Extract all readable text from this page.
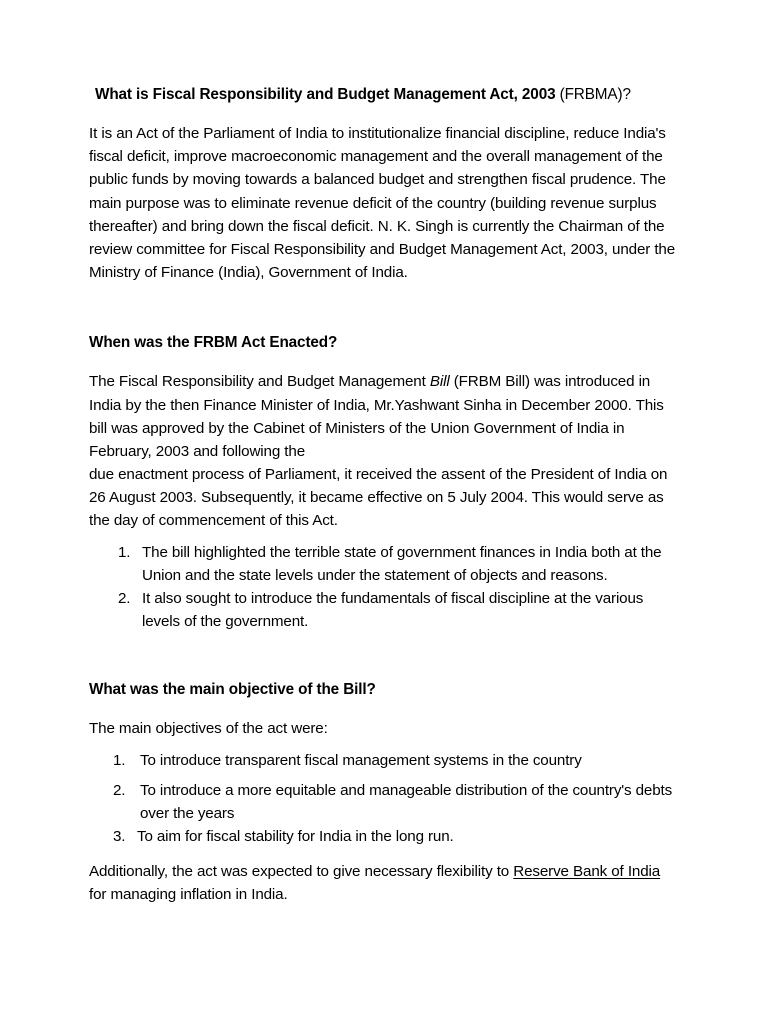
What is Fiscal Responsibility and Budget Management Act, 2003 (FRBMA)?

It is an Act of the Parliament of India to institutionalize financial discipline, reduce India's fiscal deficit, improve macroeconomic management and the overall management of the public funds by moving towards a balanced budget and strengthen fiscal prudence. The main purpose was to eliminate revenue deficit of the country (building revenue surplus thereafter) and bring down the fiscal deficit. N. K. Singh is currently the Chairman of the review committee for Fiscal Responsibility and Budget Management Act, 2003, under the Ministry of Finance (India), Government of India.

When was the FRBM Act Enacted?

The Fiscal Responsibility and Budget Management Bill (FRBM Bill) was introduced in India by the then Finance Minister of India, Mr.Yashwant Sinha in December 2000. This bill was approved by the Cabinet of Ministers of the Union Government of India in February, 2003 and following the
due enactment process of Parliament, it received the assent of the President of India on 26 August 2003. Subsequently, it became effective on 5 July 2004. This would serve as the day of commencement of this Act.

1. The bill highlighted the terrible state of government finances in India both at the Union and the state levels under the statement of objects and reasons.
2. It also sought to introduce the fundamentals of fiscal discipline at the various levels of the government.
What was the main objective of the Bill?

The main objectives of the act were:

1. To introduce transparent fiscal management systems in the country
2. To introduce a more equitable and manageable distribution of the country's debts over the years
3. To aim for fiscal stability for India in the long run.

Additionally, the act was expected to give necessary flexibility to Reserve Bank of India for managing inflation in India.
